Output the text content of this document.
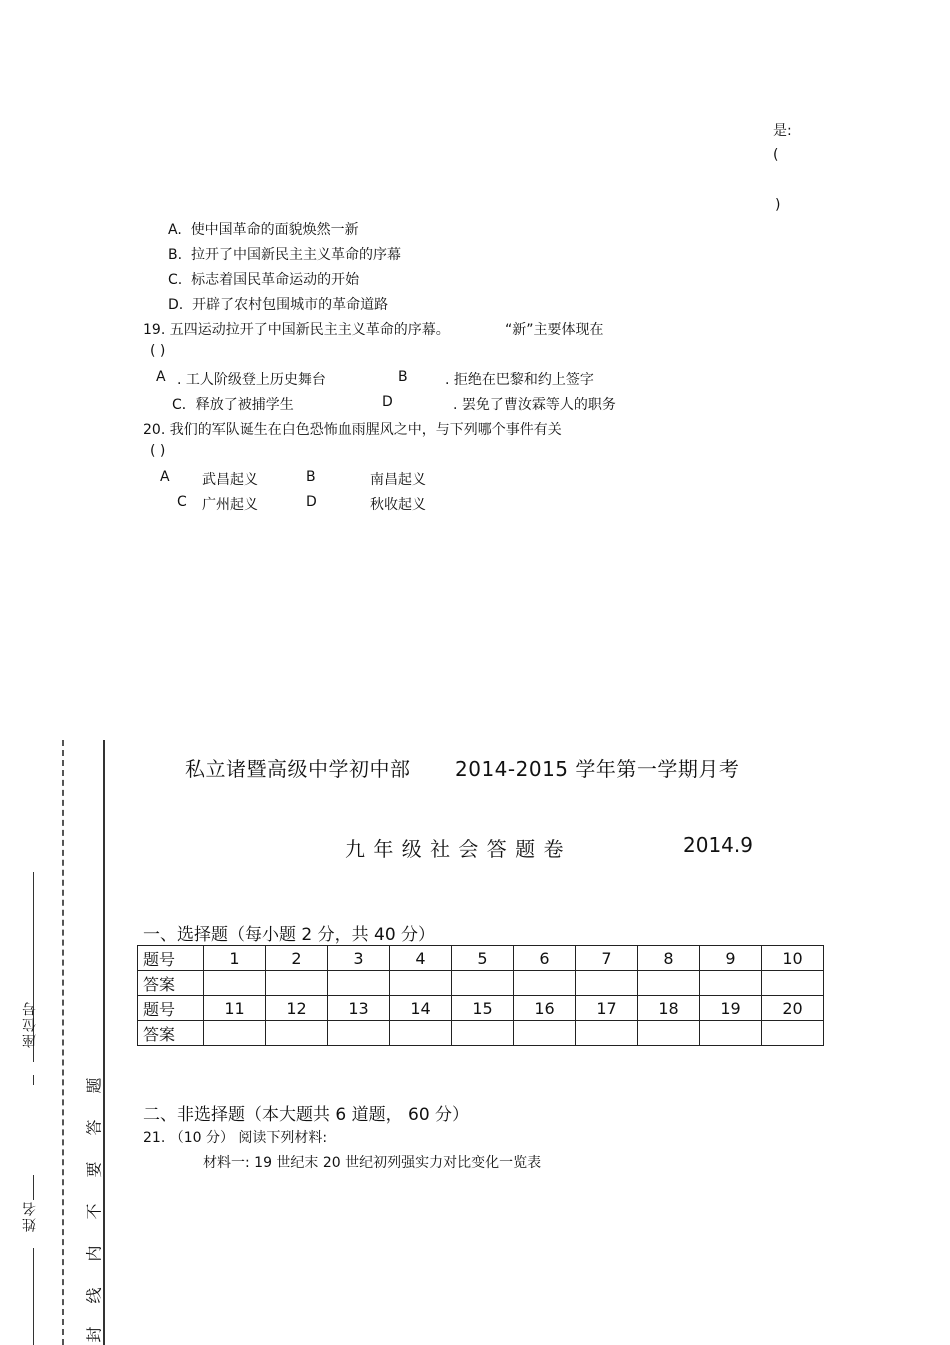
是:
(
)
A. 使中国革命的面貌焕然一新
B. 拉开了中国新民主主义革命的序幕
C. 标志着国民革命运动的开始
D. 开辟了农村包围城市的革命道路
19. 五四运动拉开了中国新民主主义革命的序幕。	“新”主要体现在
( )
A . 工人阶级登上历史舞台	B	. 拒绝在巴黎和约上签字
C．释放了被捕学生	D	. 罢免了曹汝霖等人的职务
20. 我们的军队诞生在白色恐怖血雨腥风之中，与下列哪个事件有关
( )
A 武昌起义	B	南昌起义
C 广州起义	D	秋收起义
座位号
姓名
题
答
要
不
内
线
封
私立诸暨高级中学初中部 2014-2015 学年第一学期月考
九 年 级 社 会 答 题 卷	2014.9
一、选择题（每小题 2 分，共 40 分）
题号	1	2	3	4	5	6	7	8	9	10
答案										
题号	11	12	13	14	15	16	17	18	19	20
答案										
二、非选择题（本大题共 6 道题， 60 分）
21. （10 分） 阅读下列材料:
材料一: 19 世纪末 20 世纪初列强实力对比变化一览表
